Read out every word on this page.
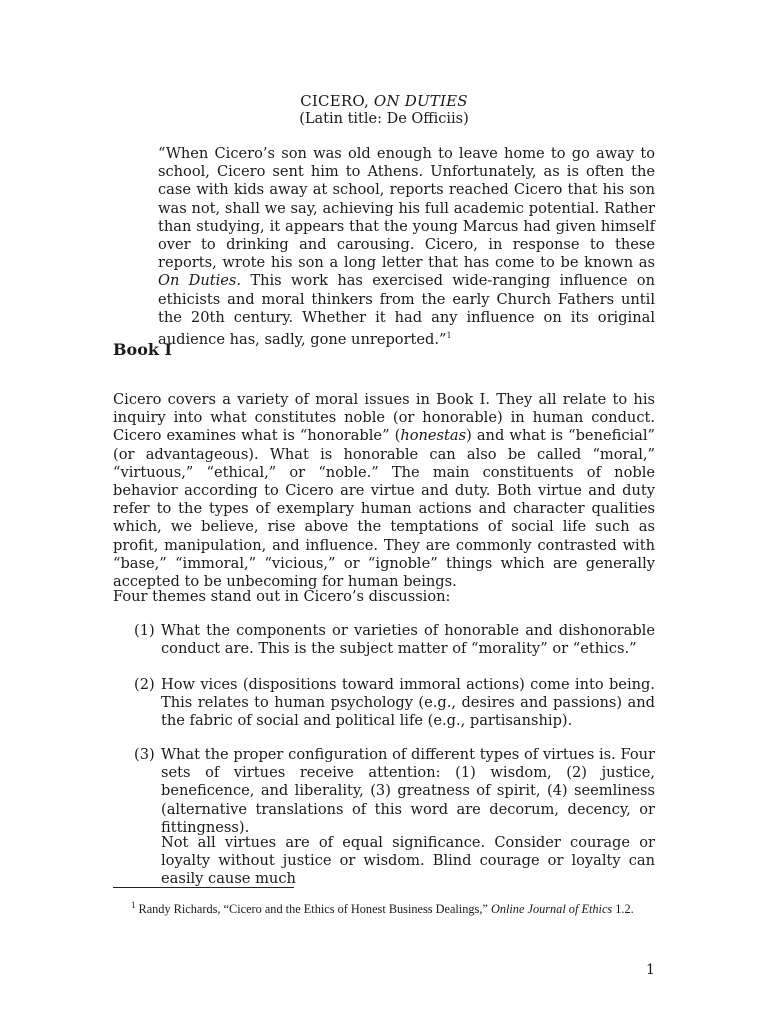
CICERO, ON DUTIES
(Latin title: De Officiis)
“When Cicero’s son was old enough to leave home to go away to school, Cicero sent him to Athens. Unfortunately, as is often the case with kids away at school, reports reached Cicero that his son was not, shall we say, achieving his full academic potential. Rather than studying, it appears that the young Marcus had given himself over to drinking and carousing. Cicero, in response to these reports, wrote his son a long letter that has come to be known as On Duties. This work has exercised wide-ranging influence on ethicists and moral thinkers from the early Church Fathers until the 20th century. Whether it had any influence on its original audience has, sadly, gone unreported.”$^1$
Book I
Cicero covers a variety of moral issues in Book I. They all relate to his inquiry into what constitutes noble (or honorable) in human conduct. Cicero examines what is “honorable” (honestas) and what is “beneficial” (or advantageous). What is honorable can also be called “moral,” “virtuous,” “ethical,” or “noble.” The main constituents of noble behavior according to Cicero are virtue and duty. Both virtue and duty refer to the types of exemplary human actions and character qualities which, we believe, rise above the temptations of social life such as profit, manipulation, and influence. They are commonly contrasted with “base,” “immoral,” “vicious,” or “ignoble” things which are generally accepted to be unbecoming for human beings.
Four themes stand out in Cicero’s discussion:
(1) What the components or varieties of honorable and dishonorable conduct are. This is the subject matter of “morality” or “ethics.”
(2) How vices (dispositions toward immoral actions) come into being. This relates to human psychology (e.g., desires and passions) and the fabric of social and political life (e.g., partisanship).
(3) What the proper configuration of different types of virtues is. Four sets of virtues receive attention: (1) wisdom, (2) justice, beneficence, and liberality, (3) greatness of spirit, (4) seemliness (alternative translations of this word are decorum, decency, or fittingness).
Not all virtues are of equal significance. Consider courage or loyalty without justice or wisdom. Blind courage or loyalty can easily cause much
$^1$ Randy Richards, “Cicero and the Ethics of Honest Business Dealings,” Online Journal of Ethics 1.2.
1
